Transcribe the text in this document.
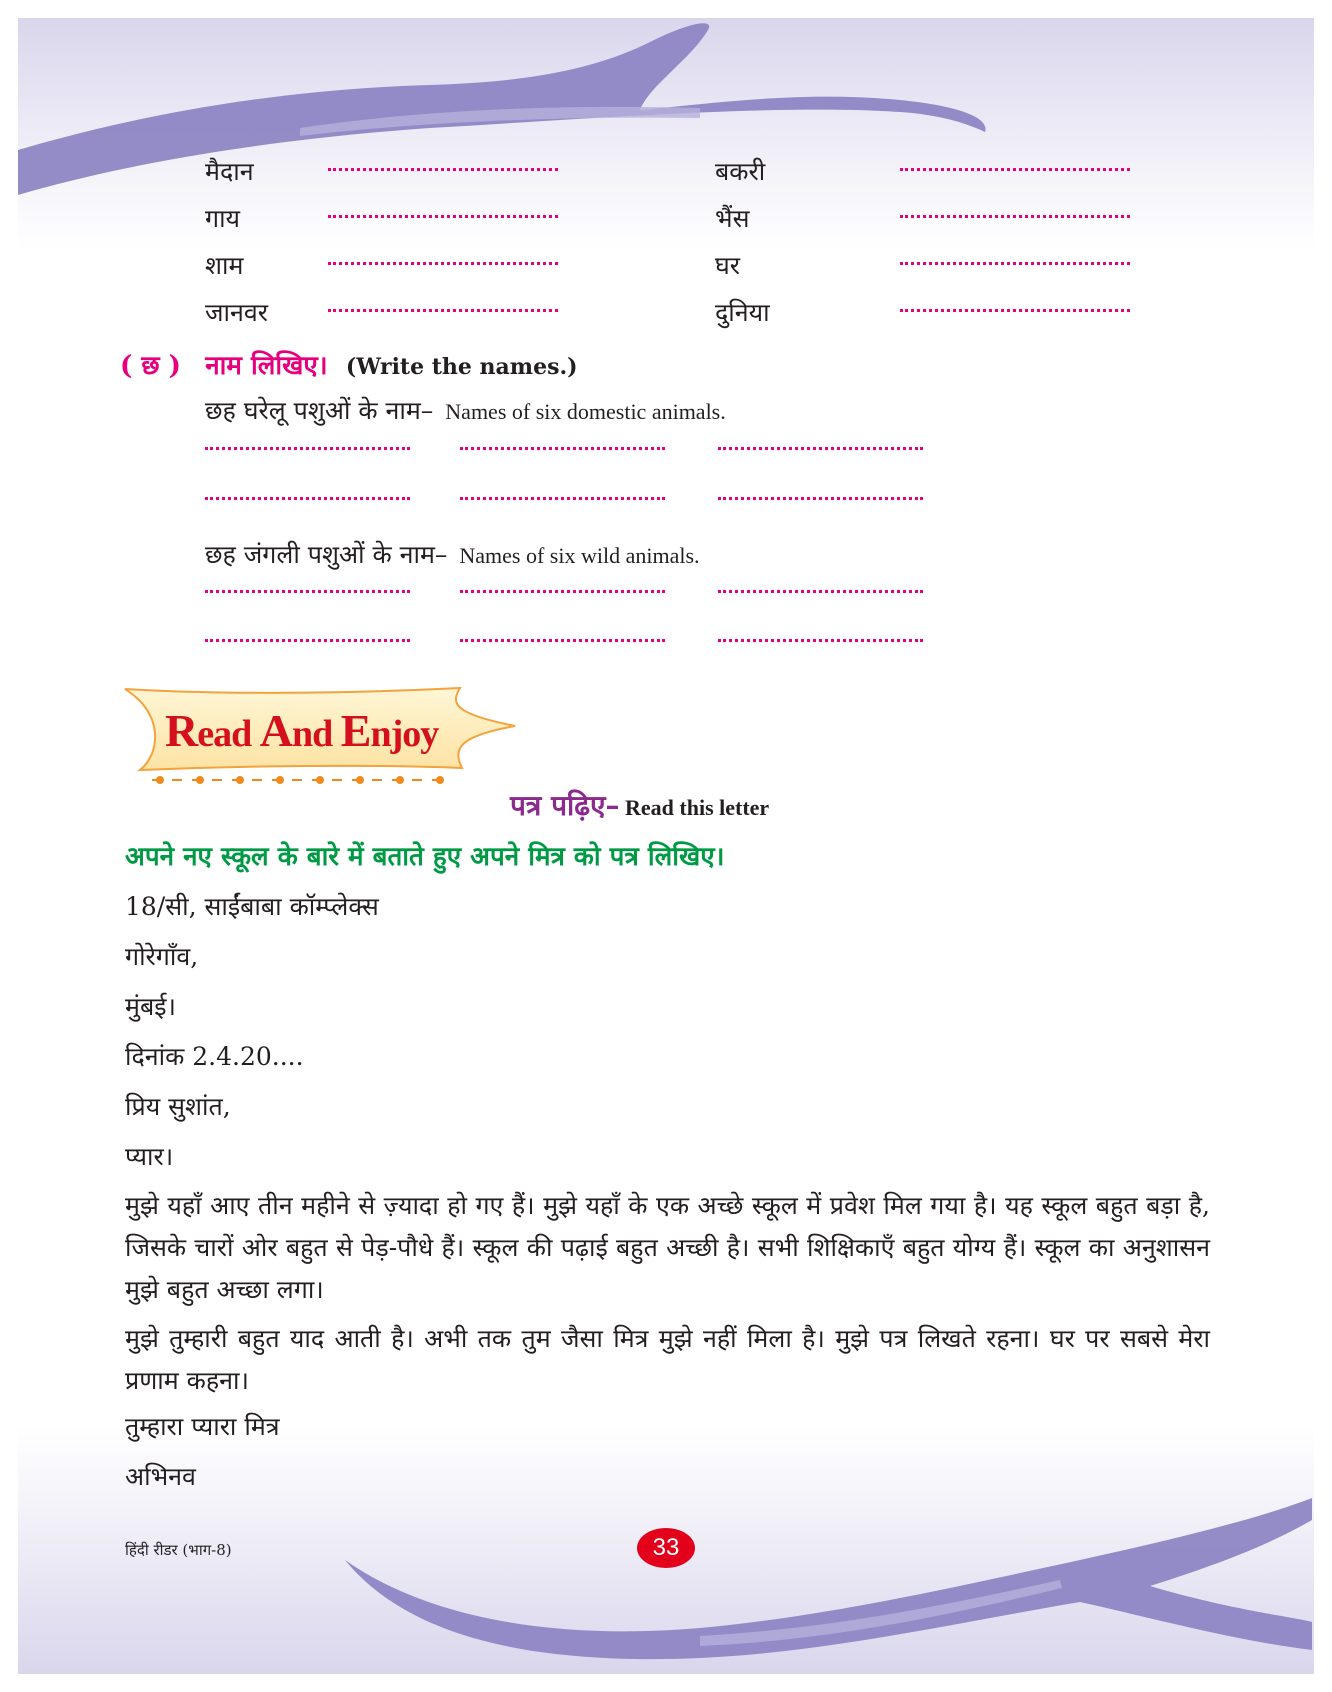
मैदान	बकरी
गाय	भैंस
शाम	घर
जानवर	दुनिया
( छ ) नाम लिखिए। (Write the names.)
छह घरेलू पशुओं के नाम– Names of six domestic animals.
छह जंगली पशुओं के नाम– Names of six wild animals.
Read And Enjoy
पत्र पढ़िए– Read this letter
अपने नए स्कूल के बारे में बताते हुए अपने मित्र को पत्र लिखिए।
18/सी, साईंबाबा कॉम्प्लेक्स
गोरेगाँव,
मुंबई।
दिनांक 2.4.20....
प्रिय सुशांत,
प्यार।
मुझे यहाँ आए तीन महीने से ज़्यादा हो गए हैं। मुझे यहाँ के एक अच्छे स्कूल में प्रवेश मिल गया है। यह स्कूल बहुत बड़ा है, जिसके चारों ओर बहुत से पेड़-पौधे हैं। स्कूल की पढ़ाई बहुत अच्छी है। सभी शिक्षिकाएँ बहुत योग्य हैं। स्कूल का अनुशासन मुझे बहुत अच्छा लगा।
मुझे तुम्हारी बहुत याद आती है। अभी तक तुम जैसा मित्र मुझे नहीं मिला है। मुझे पत्र लिखते रहना। घर पर सबसे मेरा प्रणाम कहना।
तुम्हारा प्यारा मित्र
अभिनव
हिंदी रीडर (भाग-8)	33
